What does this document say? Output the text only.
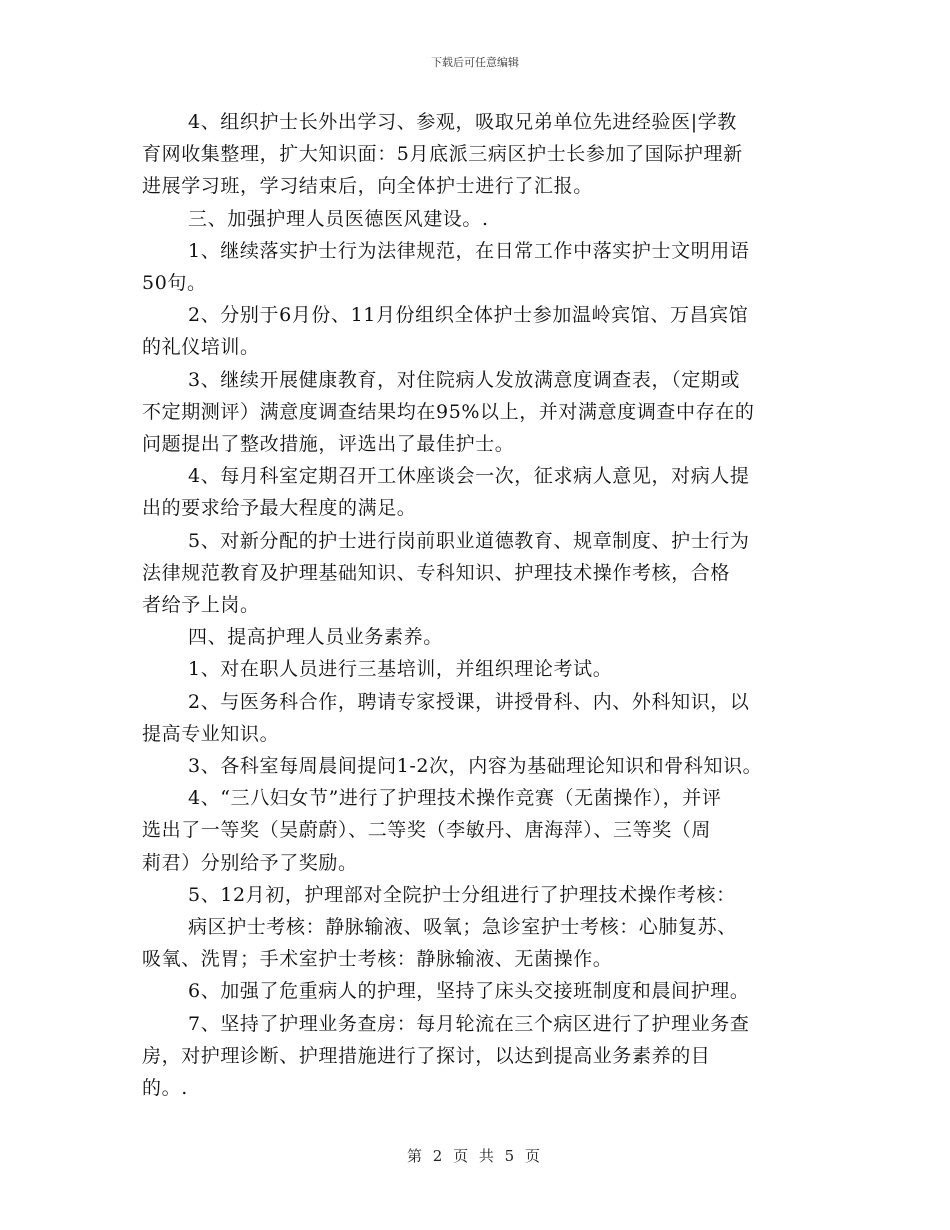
下载后可任意编辑

4、组织护士长外出学习、参观，吸取兄弟单位先进经验医|学教

育网收集整理，扩大知识面：5月底派三病区护士长参加了国际护理新

进展学习班，学习结束后，向全体护士进行了汇报。

三、加强护理人员医德医风建设。.

1、继续落实护士行为法律规范，在日常工作中落实护士文明用语

50句。

2、分别于6月份、11月份组织全体护士参加温岭宾馆、万昌宾馆

的礼仪培训。

3、继续开展健康教育，对住院病人发放满意度调查表，（定期或

不定期测评）满意度调查结果均在95%以上，并对满意度调查中存在的

问题提出了整改措施，评选出了最佳护士。

4、每月科室定期召开工休座谈会一次，征求病人意见，对病人提

出的要求给予最大程度的满足。

5、对新分配的护士进行岗前职业道德教育、规章制度、护士行为

法律规范教育及护理基础知识、专科知识、护理技术操作考核，合格

者给予上岗。

四、提高护理人员业务素养。

1、对在职人员进行三基培训，并组织理论考试。

2、与医务科合作，聘请专家授课，讲授骨科、内、外科知识，以

提高专业知识。

3、各科室每周晨间提问1-2次，内容为基础理论知识和骨科知识。

4、“三八妇女节”进行了护理技术操作竞赛（无菌操作），并评

选出了一等奖（吴蔚蔚）、二等奖（李敏丹、唐海萍）、三等奖（周

莉君）分别给予了奖励。

5、12月初，护理部对全院护士分组进行了护理技术操作考核：

病区护士考核：静脉输液、吸氧；急诊室护士考核：心肺复苏、

吸氧、洗胃；手术室护士考核：静脉输液、无菌操作。

6、加强了危重病人的护理，坚持了床头交接班制度和晨间护理。

7、坚持了护理业务查房：每月轮流在三个病区进行了护理业务查

房，对护理诊断、护理措施进行了探讨，以达到提高业务素养的目

的。.

第 2 页 共 5 页
